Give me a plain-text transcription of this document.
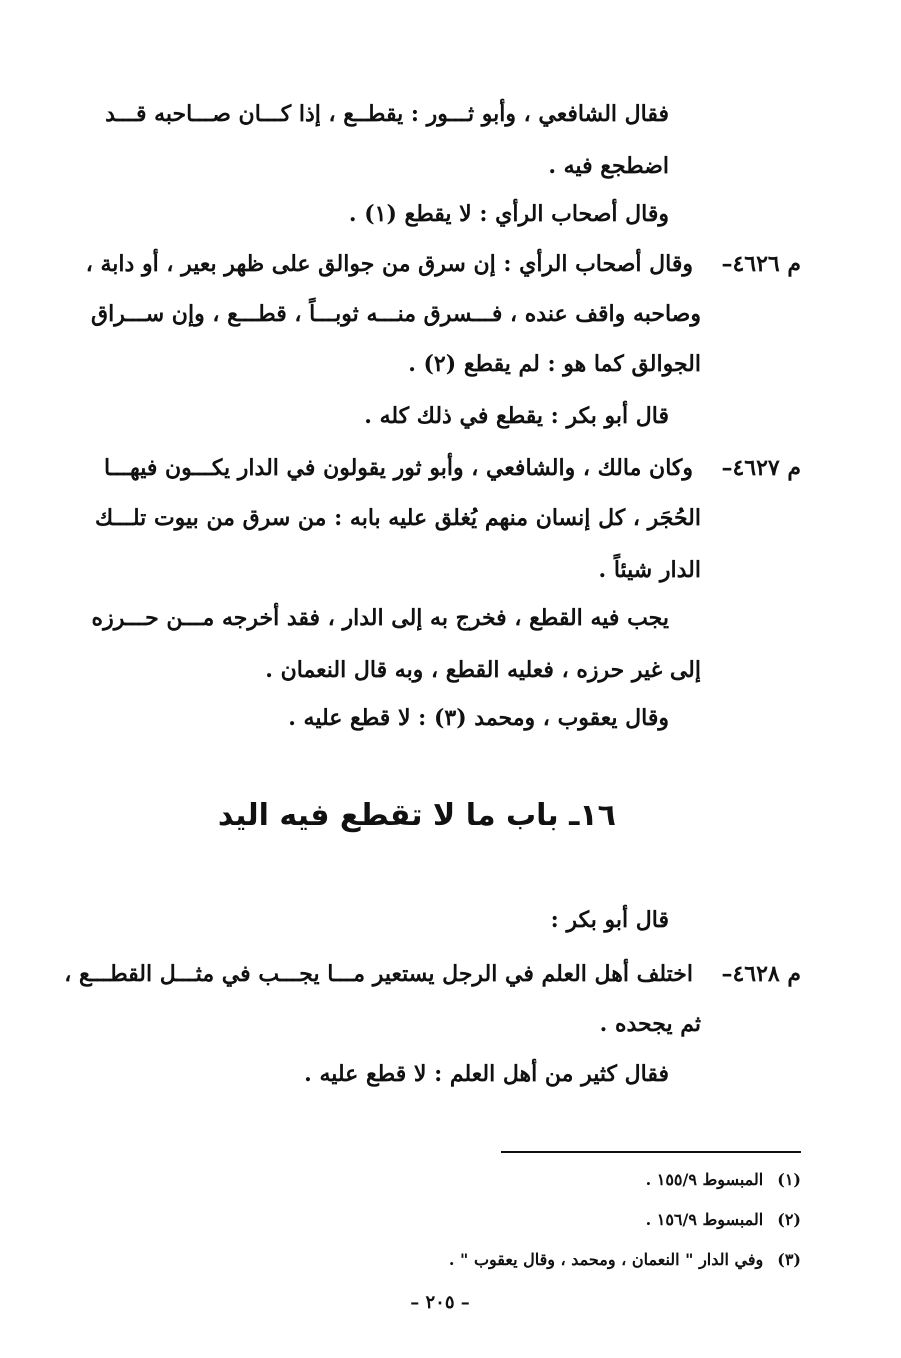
فقال الشافعي ، وأبو ثـــور : يقطــع ، إذا كـــان صـــاحبه قـــد
اضطجع فيه .
وقال أصحاب الرأي : لا يقطع (١) .
م ٤٦٢٦–
وقال أصحاب الرأي : إن سرق من جوالق على ظهر بعير ، أو دابة ،
وصاحبه واقف عنده ، فـــسرق منـــه ثوبـــاً ، قطـــع ، وإن ســـراق
الجوالق كما هو : لم يقطع (٢) .
قال أبو بكر : يقطع في ذلك كله .
م ٤٦٢٧–
وكان مالك ، والشافعي ، وأبو ثور يقولون في الدار يكـــون فيهـــا
الحُجَر ، كل إنسان منهم يُغلق عليه بابه : من سرق من بيوت تلـــك
الدار شيئاً .
يجب فيه القطع ، فخرج به إلى الدار ، فقد أخرجه مـــن حـــرزه
إلى غير حرزه ، فعليه القطع ، وبه قال النعمان .
وقال يعقوب ، ومحمد (٣) : لا قطع عليه .
١٦ـ باب ما لا تقطع فيه اليد
قال أبو بكر :
م ٤٦٢٨–
اختلف أهل العلم في الرجل يستعير مـــا يجـــب في مثـــل القطـــع ،
ثم يجحده .
فقال كثير من أهل العلم : لا قطع عليه .
(١)المبسوط ١٥٥/٩ .
(٢)المبسوط ١٥٦/٩ .
(٣)وفي الدار " النعمان ، ومحمد ، وقال يعقوب " .
– ٢٠٥ –
